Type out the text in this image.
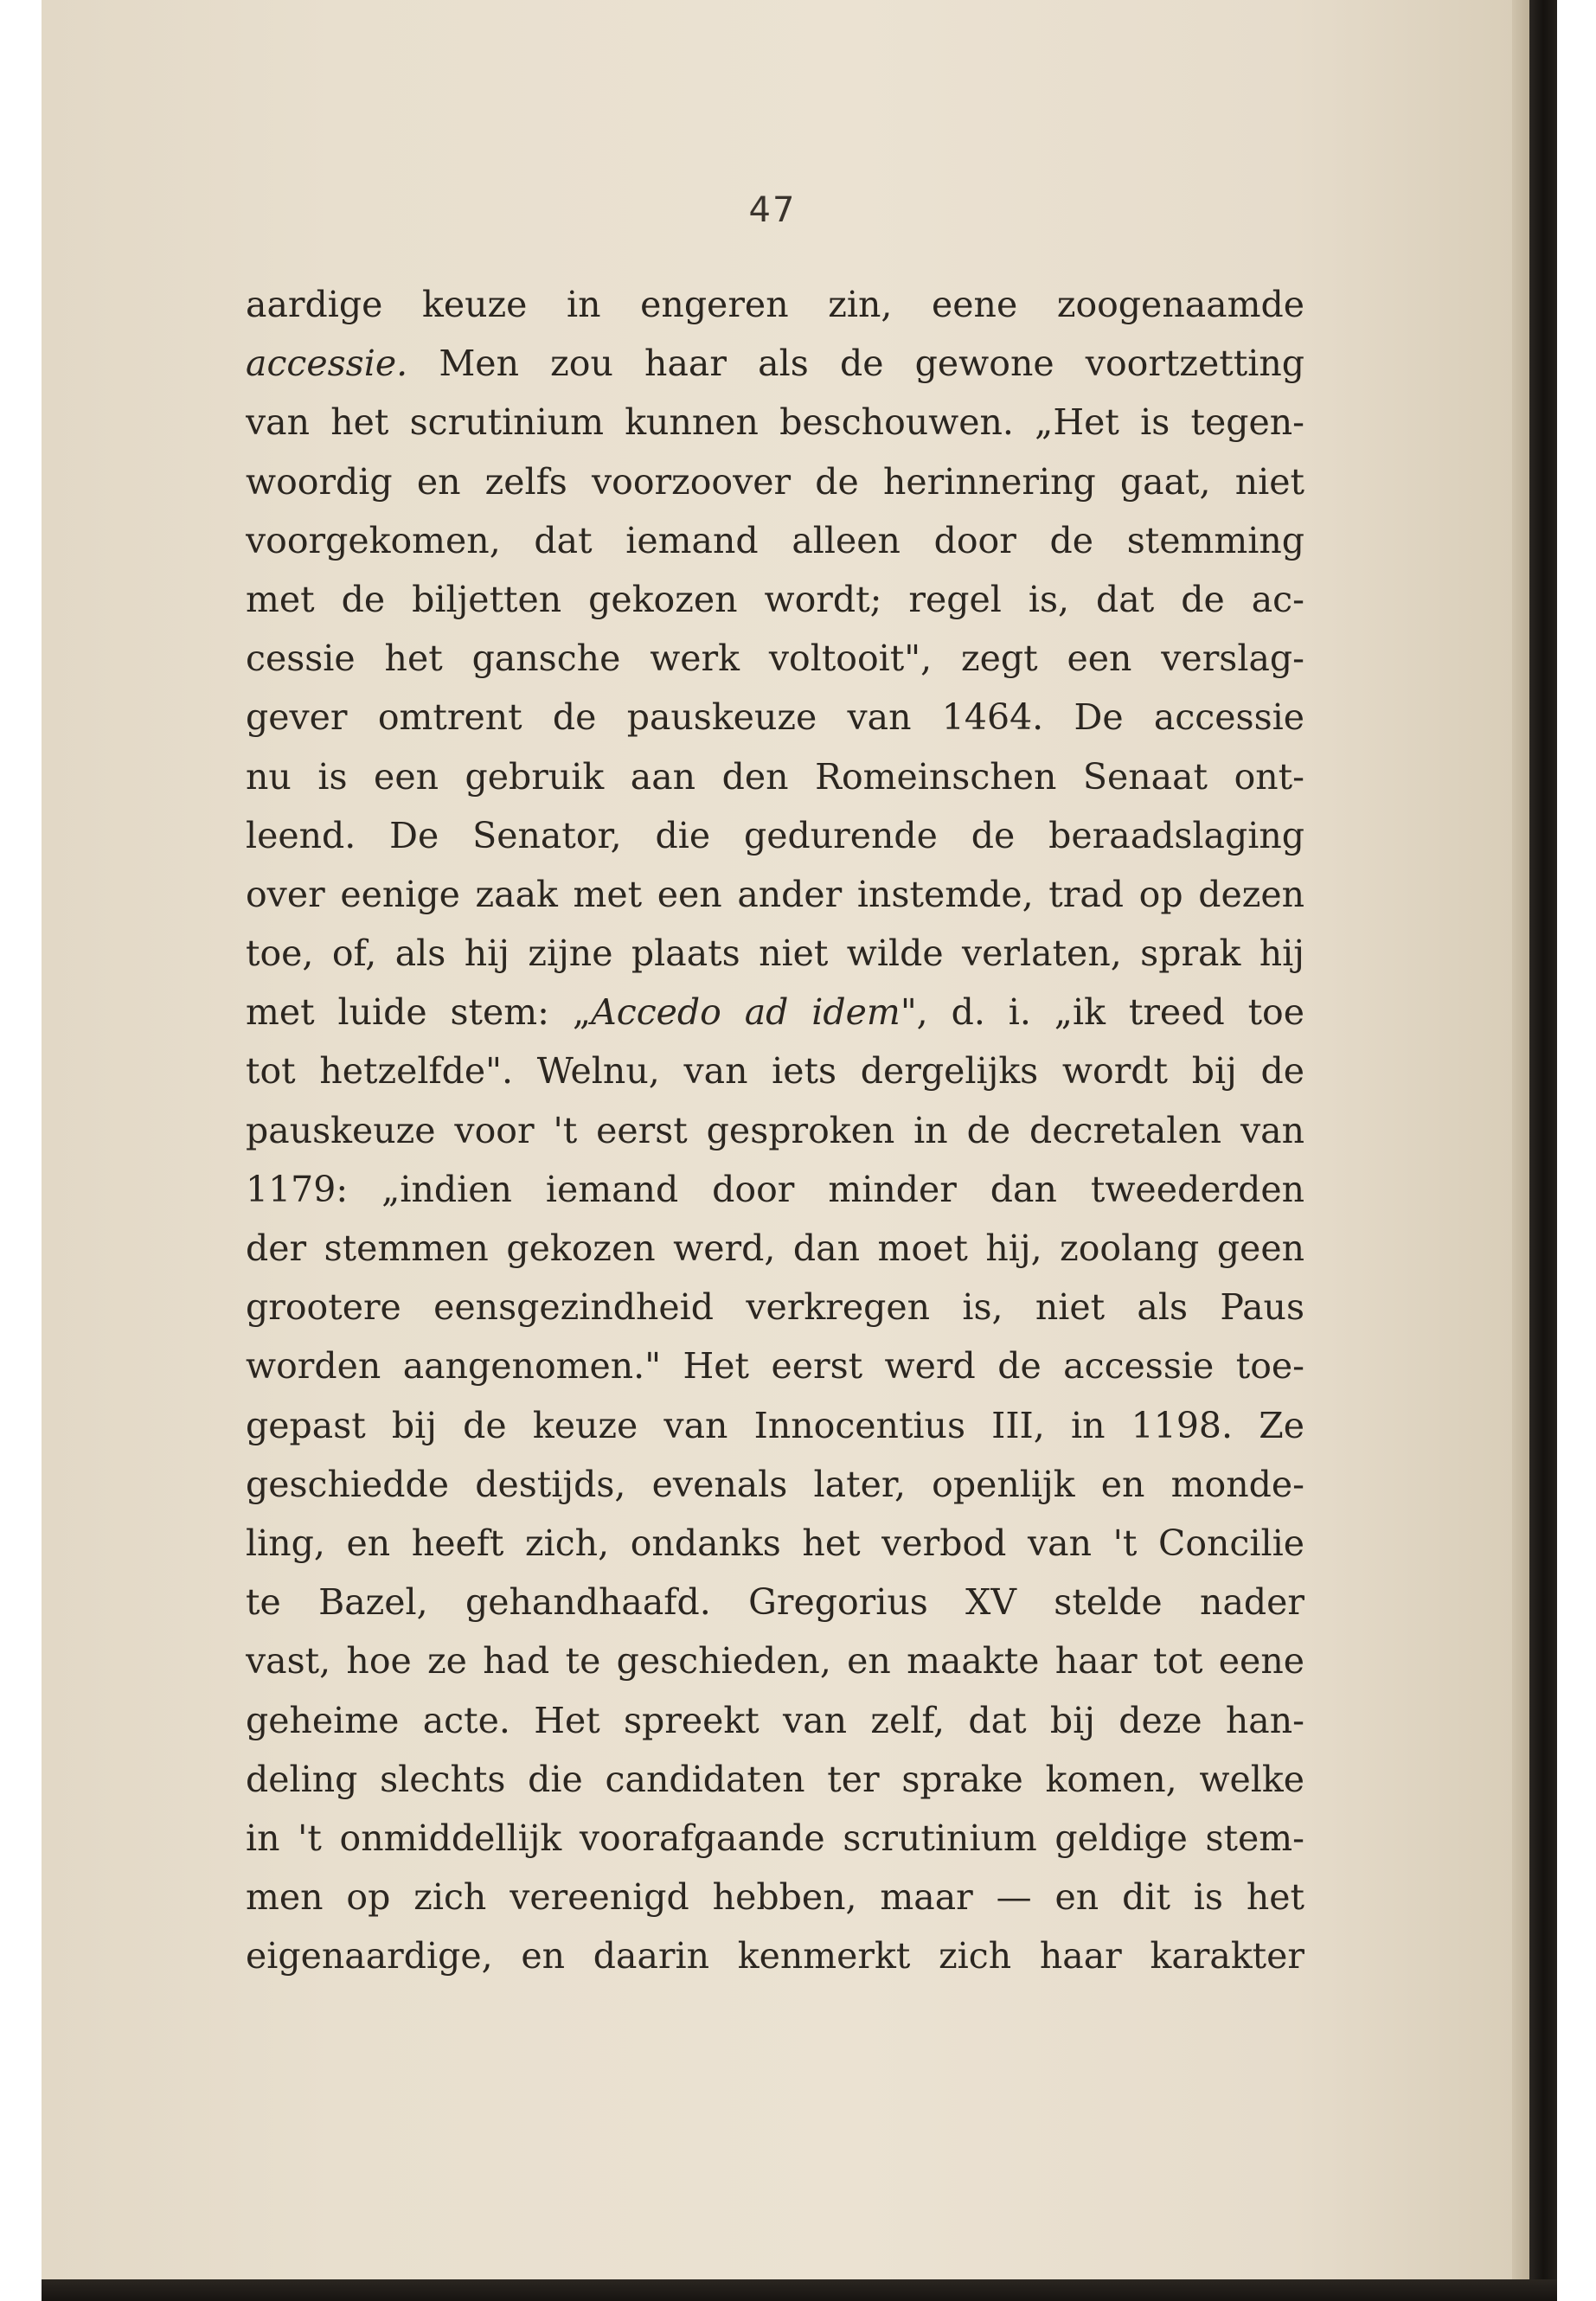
47
aardige keuze in engeren zin, eene zoogenaamde
accessie. Men zou haar als de gewone voortzetting
van het scrutinium kunnen beschouwen. „Het is tegen-
woordig en zelfs voorzoover de herinnering gaat, niet
voorgekomen, dat iemand alleen door de stemming
met de biljetten gekozen wordt; regel is, dat de ac-
cessie het gansche werk voltooit", zegt een verslag-
gever omtrent de pauskeuze van 1464. De accessie
nu is een gebruik aan den Romeinschen Senaat ont-
leend. De Senator, die gedurende de beraadslaging
over eenige zaak met een ander instemde, trad op dezen
toe, of, als hij zijne plaats niet wilde verlaten, sprak hij
met luide stem: „Accedo ad idem", d. i. „ik treed toe
tot hetzelfde". Welnu, van iets dergelijks wordt bij de
pauskeuze voor 't eerst gesproken in de decretalen van
1179: „indien iemand door minder dan tweederden
der stemmen gekozen werd, dan moet hij, zoolang geen
grootere eensgezindheid verkregen is, niet als Paus
worden aangenomen." Het eerst werd de accessie toe-
gepast bij de keuze van Innocentius III, in 1198. Ze
geschiedde destijds, evenals later, openlijk en monde-
ling, en heeft zich, ondanks het verbod van 't Concilie
te Bazel, gehandhaafd. Gregorius XV stelde nader
vast, hoe ze had te geschieden, en maakte haar tot eene
geheime acte. Het spreekt van zelf, dat bij deze han-
deling slechts die candidaten ter sprake komen, welke
in 't onmiddellijk voorafgaande scrutinium geldige stem-
men op zich vereenigd hebben, maar — en dit is het
eigenaardige, en daarin kenmerkt zich haar karakter
